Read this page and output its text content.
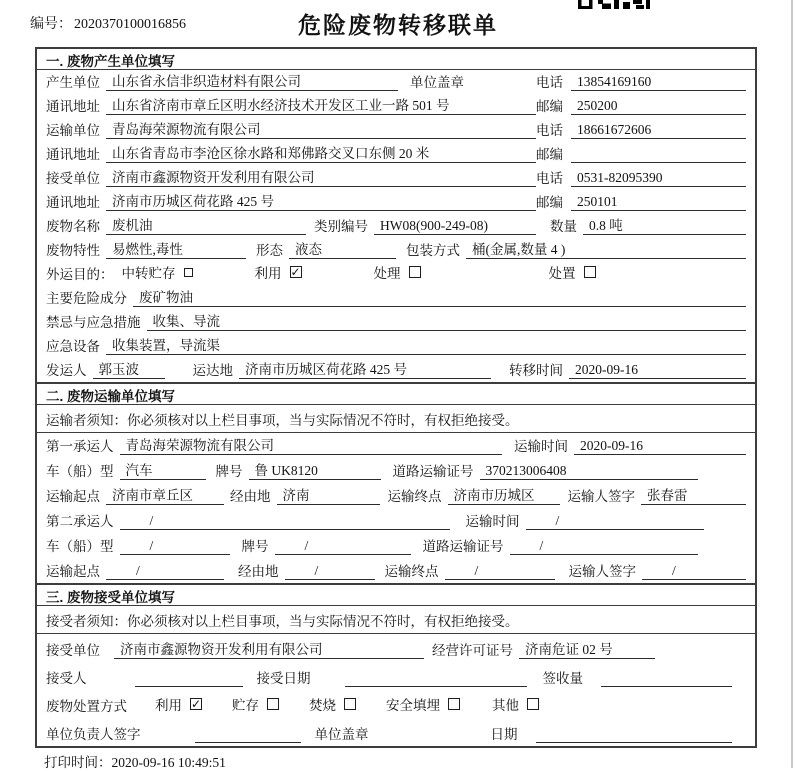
编号： 2020370100016856	危险废物转移联单
一. 废物产生单位填写
产生单位 山东省永信非织造材料有限公司	单位盖章	电话	13854169160
通讯地址 山东省济南市章丘区明水经济技术开发区工业一路 501 号	邮编	250200
运输单位 青岛海荣源物流有限公司	电话	18661672606
通讯地址 山东省青岛市李沧区徐水路和郑佛路交叉口东侧 20 米	邮编
接受单位 济南市鑫源物资开发利用有限公司	电话	0531-82095390
通讯地址 济南市历城区荷花路 425 号	邮编	250101
废物名称 废机油	类别编号 HW08(900-249-08)	数量 0.8 吨
废物特性 易燃性,毒性	形态 液态	包装方式 桶(金属,数量 4 )
外运目的： 中转贮存	利用 ✓	处理	处置
主要危险成分 废矿物油
禁忌与应急措施 收集、导流
应急设备 收集装置，导流渠
发运人 郭玉波	运达地 济南市历城区荷花路 425 号	转移时间 2020-09-16
二. 废物运输单位填写
运输者须知：你必须核对以上栏目事项，当与实际情况不符时，有权拒绝接受。
第一承运人 青岛海荣源物流有限公司	运输时间 2020-09-16
车（船）型 汽车	牌号 鲁 UK8120	道路运输证号 370213006408
运输起点 济南市章丘区	经由地 济南	运输终点 济南市历城区	运输人签字 张春雷
第二承运人	/	运输时间	/
车（船）型	/	牌号	/	道路运输证号	/
运输起点	/	经由地	/	运输终点	/	运输人签字	/
三. 废物接受单位填写
接受者须知：你必须核对以上栏目事项，当与实际情况不符时，有权拒绝接受。
接受单位	济南市鑫源物资开发利用有限公司	经营许可证号 济南危证 02 号
接受人	接受日期	签收量
废物处置方式 利用 ✓ 贮存	焚烧	安全填埋	其他
单位负责人签字	单位盖章	日期
打印时间：2020-09-16 10:49:51
